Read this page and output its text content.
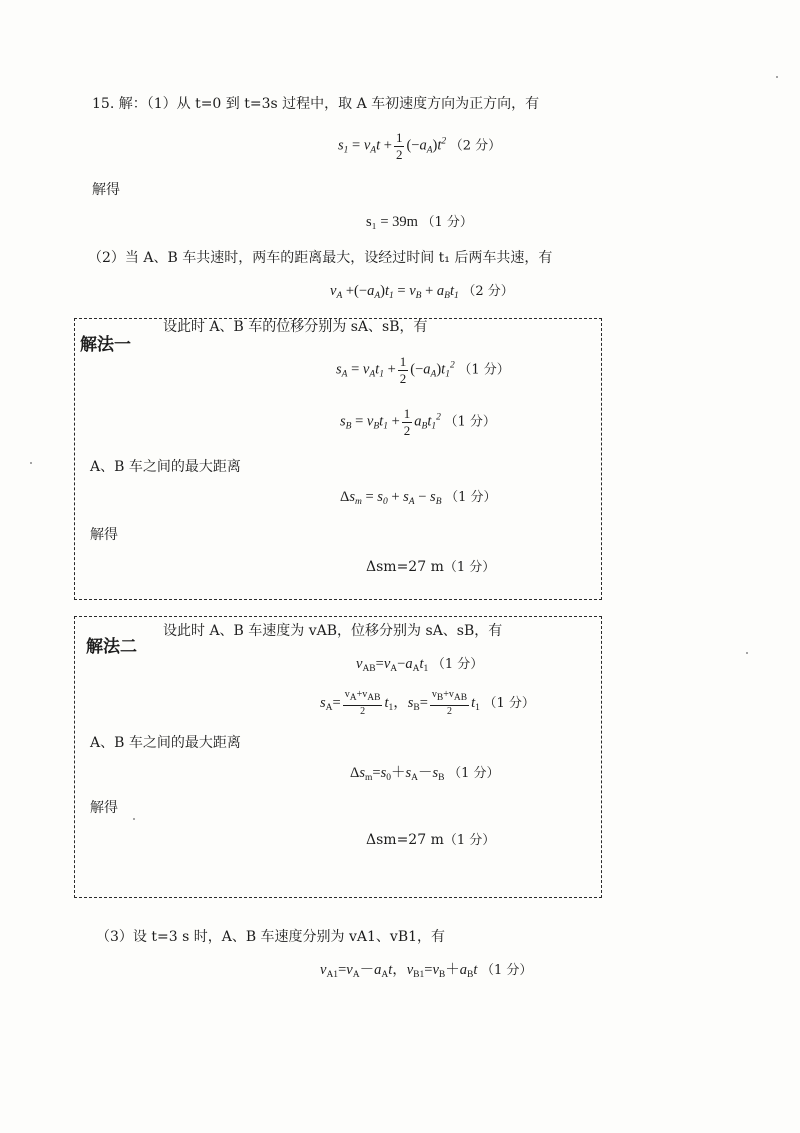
15. 解：（1）从 t=0 到 t=3s 过程中，取 A 车初速度方向为正方向，有
$s_1 = v_At + \frac{1}{2} (-a_A)t^2$ （2 分）
解得
s₁ = 39m （1 分）
（2）当 A、B 车共速时，两车的距离最大，设经过时间 t₁ 后两车共速，有
$v_A +(-a_A)t_1 = v_B + a_Bt_1$ （2 分）
解法一
设此时 A、B 车的位移分别为 sA、sB，有
$s_A = v_At_1 + \frac{1}{2} (-a_A)t_1^2$ （1 分）
$s_B = v_Bt_1 + \frac{1}{2} a_Bt_1^2$ （1 分）
A、B 车之间的最大距离
$\Delta s_m = s_0 + s_A - s_B$ （1 分）
解得
Δsm=27 m（1 分）
解法二
设此时 A、B 车速度为 vAB，位移分别为 sA、sB，有
$v_{AB}=v_A-a_At_1$ （1 分）
$s_A= \frac{v_A+v_{AB}}{2} t_1$，$s_B= \frac{v_B+v_{AB}}{2} t_1$ （1 分）
A、B 车之间的最大距离
$\Delta s_m=s_0+s_A-s_B$ （1 分）
解得
Δsm=27 m（1 分）
（3）设 t=3 s 时，A、B 车速度分别为 vA1、vB1，有
$v_{A1}=v_A-a_At$，$v_{B1}=v_B+a_Bt$ （1 分）
